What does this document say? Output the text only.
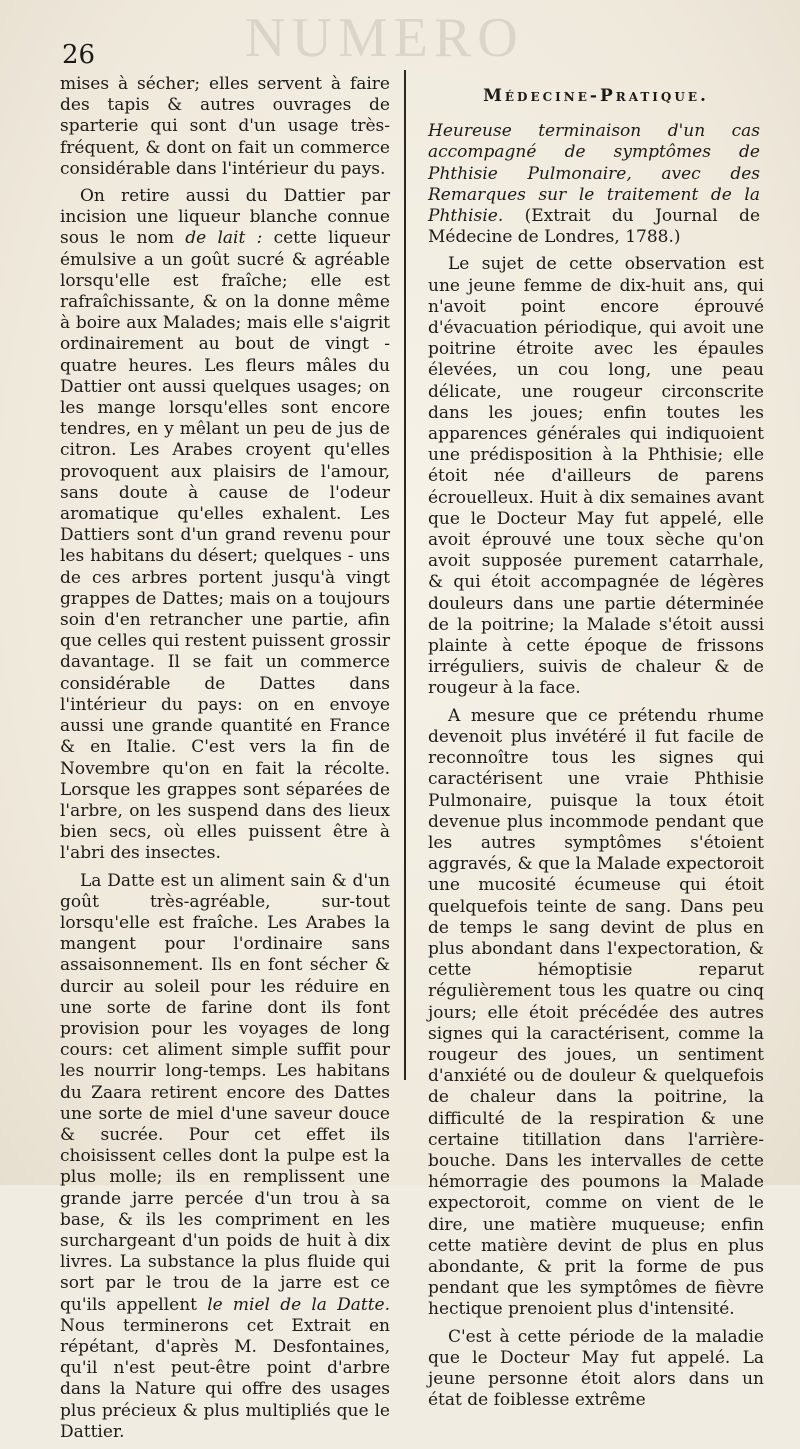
NUMERO
26

mises à sécher; elles servent à faire des tapis & autres ouvrages de sparterie qui sont d'un usage très-fréquent, & dont on fait un commerce considérable dans l'intérieur du pays.

On retire aussi du Dattier par incision une liqueur blanche connue sous le nom de lait : cette liqueur émulsive a un goût sucré & agréable lorsqu'elle est fraîche; elle est rafraîchissante, & on la donne même à boire aux Malades; mais elle s'aigrit ordinairement au bout de vingt - quatre heures. Les fleurs mâles du Dattier ont aussi quelques usages; on les mange lorsqu'elles sont encore tendres, en y mêlant un peu de jus de citron. Les Arabes croyent qu'elles provoquent aux plaisirs de l'amour, sans doute à cause de l'odeur aromatique qu'elles exhalent. Les Dattiers sont d'un grand revenu pour les habitans du désert; quelques - uns de ces arbres portent jusqu'à vingt grappes de Dattes; mais on a toujours soin d'en retrancher une partie, afin que celles qui restent puissent grossir davantage. Il se fait un commerce considérable de Dattes dans l'intérieur du pays: on en envoye aussi une grande quantité en France & en Italie. C'est vers la fin de Novembre qu'on en fait la récolte. Lorsque les grappes sont séparées de l'arbre, on les suspend dans des lieux bien secs, où elles puissent être à l'abri des insectes.

La Datte est un aliment sain & d'un goût très-agréable, sur-tout lorsqu'elle est fraîche. Les Arabes la mangent pour l'ordinaire sans assaisonnement. Ils en font sécher & durcir au soleil pour les réduire en une sorte de farine dont ils font provision pour les voyages de long cours: cet aliment simple suffit pour les nourrir long-temps. Les habitans du Zaara retirent encore des Dattes une sorte de miel d'une saveur douce & sucrée. Pour cet effet ils choisissent celles dont la pulpe est la plus molle; ils en remplissent une grande jarre percée d'un trou à sa base, & ils les compriment en les surchargeant d'un poids de huit à dix livres. La substance la plus fluide qui sort par le trou de la jarre est ce qu'ils appellent le miel de la Datte. Nous terminerons cet Extrait en répétant, d'après M. Desfontaines, qu'il n'est peut-être point d'arbre dans la Nature qui offre des usages plus précieux & plus multipliés que le Dattier.

Médecine-Pratique.

Heureuse terminaison d'un cas accompagné de symptômes de Phthisie Pulmonaire, avec des Remarques sur le traitement de la Phthisie. (Extrait du Journal de Médecine de Londres, 1788.)

Le sujet de cette observation est une jeune femme de dix-huit ans, qui n'avoit point encore éprouvé d'évacuation périodique, qui avoit une poitrine étroite avec les épaules élevées, un cou long, une peau délicate, une rougeur circonscrite dans les joues; enfin toutes les apparences générales qui indiquoient une prédisposition à la Phthisie; elle étoit née d'ailleurs de parens écrouelleux. Huit à dix semaines avant que le Docteur May fut appelé, elle avoit éprouvé une toux sèche qu'on avoit supposée purement catarrhale, & qui étoit accompagnée de légères douleurs dans une partie déterminée de la poitrine; la Malade s'étoit aussi plainte à cette époque de frissons irréguliers, suivis de chaleur & de rougeur à la face.

A mesure que ce prétendu rhume devenoit plus invétéré il fut facile de reconnoître tous les signes qui caractérisent une vraie Phthisie Pulmonaire, puisque la toux étoit devenue plus incommode pendant que les autres symptômes s'étoient aggravés, & que la Malade expectoroit une mucosité écumeuse qui étoit quelquefois teinte de sang. Dans peu de temps le sang devint de plus en plus abondant dans l'expectoration, & cette hémoptisie reparut régulièrement tous les quatre ou cinq jours; elle étoit précédée des autres signes qui la caractérisent, comme la rougeur des joues, un sentiment d'anxiété ou de douleur & quelquefois de chaleur dans la poitrine, la difficulté de la respiration & une certaine titillation dans l'arrière-bouche. Dans les intervalles de cette hémorragie des poumons la Malade expectoroit, comme on vient de le dire, une matière muqueuse; enfin cette matière devint de plus en plus abondante, & prit la forme de pus pendant que les symptômes de fièvre hectique prenoient plus d'intensité.

C'est à cette période de la maladie que le Docteur May fut appelé. La jeune personne étoit alors dans un état de foiblesse extrême
